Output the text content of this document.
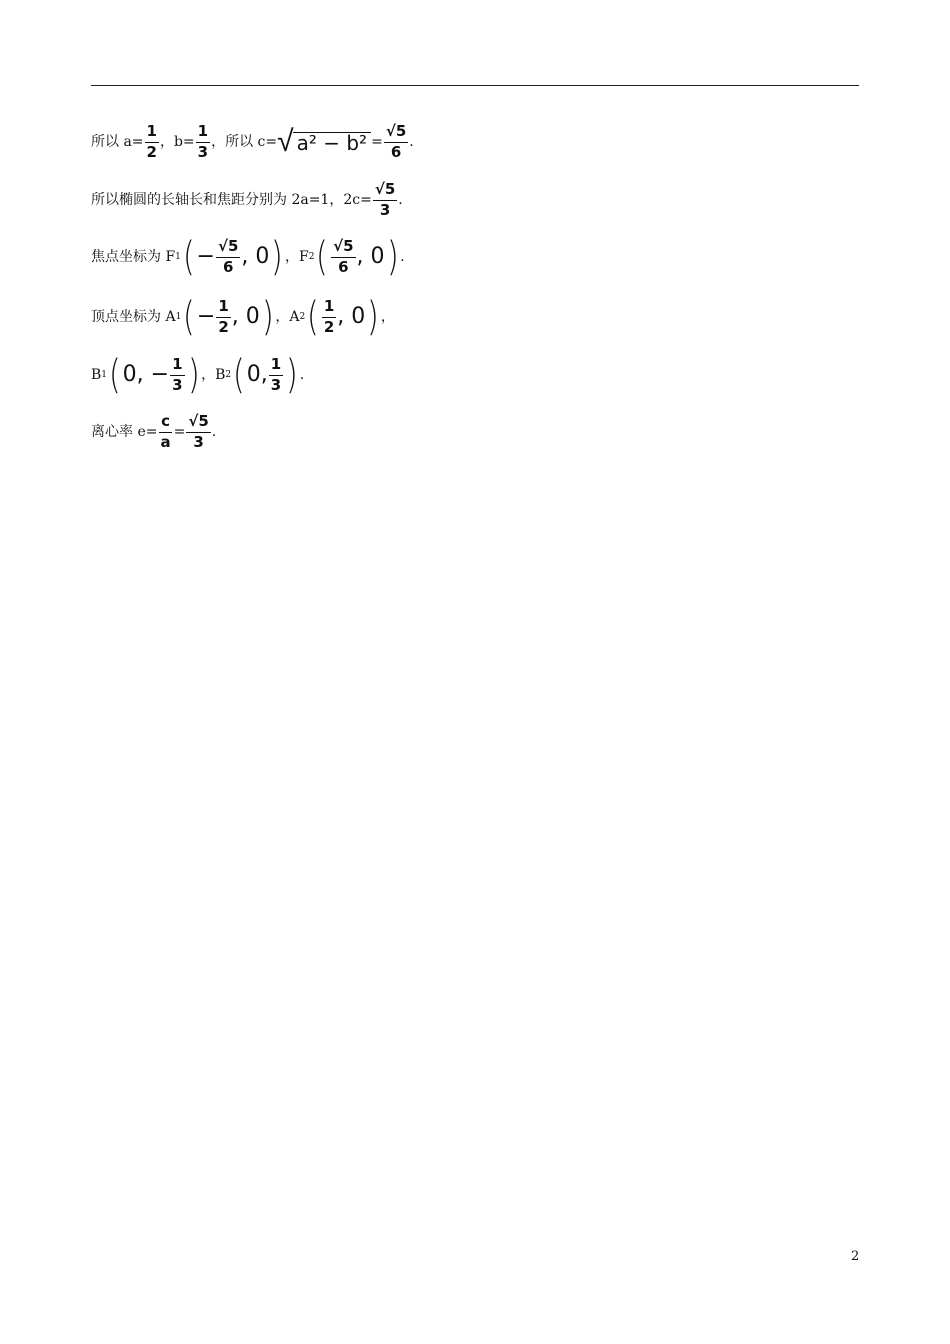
所以 $a= \frac{1}{2}$ ，$b= \frac{1}{3}$ ，所以 c= √ $a^2 - b^2 = \frac{√5}{6}$ .
所以椭圆的长轴长和焦距分别为 2a=1，$2c= \frac{√5}{3}$ .
焦点坐标为 F 1 ( − $\frac{√5}{6}$ , 0 ) ，F 2 ( $\frac{√5}{6}$ , 0 ) .
顶点坐标为 A 1 ( − $\frac{1}{2}$ , 0 ) ，A 2 ( $\frac{1}{2}$ , 0 ) ，
B 1 ( 0, − $\frac{1}{3}$ ) ，B 2 ( 0, $\frac{1}{3}$ ) .
离心率 $e= \frac{c}{a} = \frac{√5}{3}$ .
2
